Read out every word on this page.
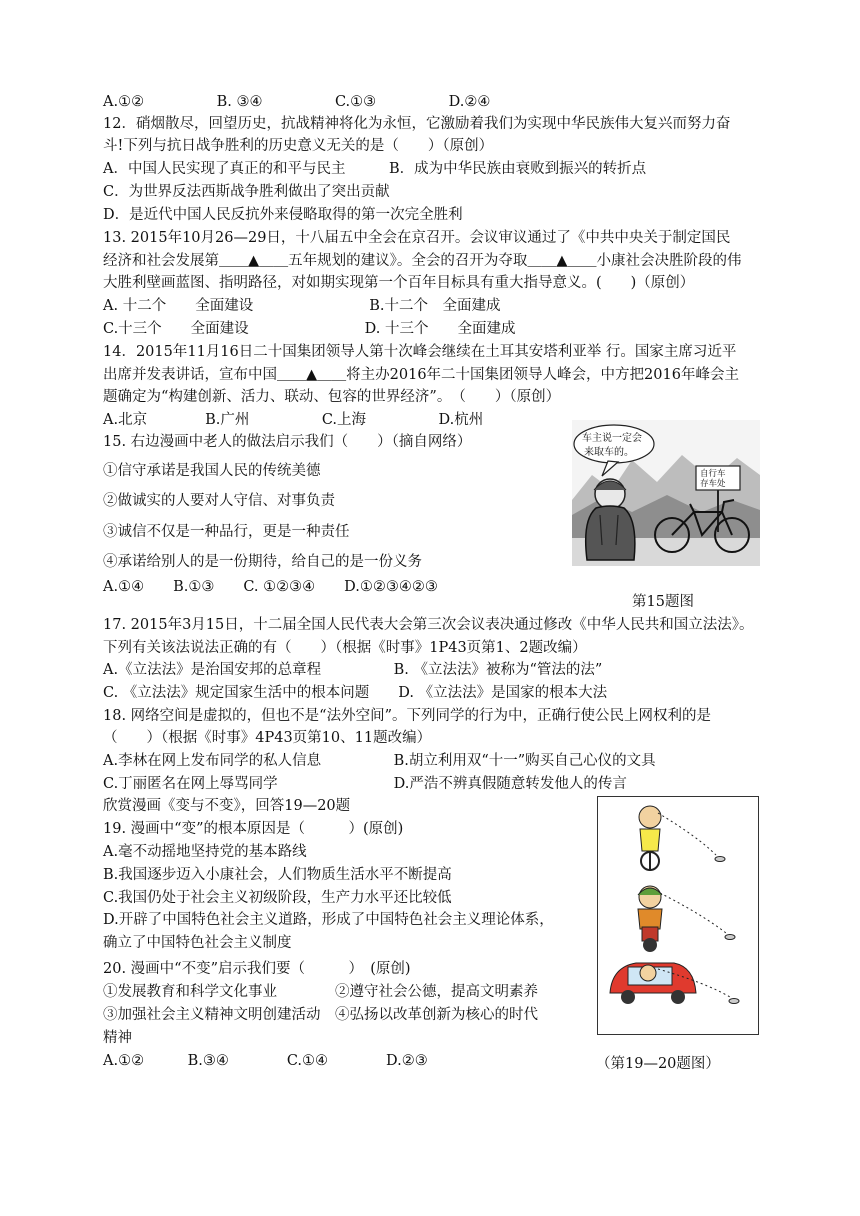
A.①②　　　　　B. ③④　　　　　C.①③　　　　　D.②④
12．硝烟散尽，回望历史，抗战精神将化为永恒，它激励着我们为实现中华民族伟大复兴而努力奋
斗!下列与抗日战争胜利的历史意义无关的是（　　）（原创）
A．中国人民实现了真正的和平与民主　　　B．成为中华民族由衰败到振兴的转折点
C．为世界反法西斯战争胜利做出了突出贡献
D．是近代中国人民反抗外来侵略取得的第一次完全胜利
13. 2015年10月26—29日，十八届五中全会在京召开。会议审议通过了《中共中央关于制定国民
经济和社会发展第＿＿▲＿＿五年规划的建议》。全会的召开为夺取＿＿▲＿＿小康社会决胜阶段的伟
大胜利壁画蓝图、指明路径，对如期实现第一个百年目标具有重大指导意义。(　　)（原创）
A. 十二个　　全面建设　　　　　　　　B.十二个　全面建成
C.十三个　　全面建设　　　　　　　　D. 十三个　　全面建成
14．2015年11月16日二十国集团领导人第十次峰会继续在土耳其安塔利亚举 行。国家主席习近平
出席并发表讲话，宣布中国＿＿▲＿＿将主办2016年二十国集团领导人峰会，中方把2016年峰会主
题确定为“构建创新、活力、联动、包容的世界经济”。　（　　）（原创）
A.北京　　　　B.广州　　　　　C.上海　　　　　D.杭州
15. 右边漫画中老人的做法启示我们（　　）（摘自网络）
①信守承诺是我国人民的传统美德
②做诚实的人要对人守信、对事负责
③诚信不仅是一种品行，更是一种责任
④承诺给别人的是一份期待，给自己的是一份义务
A.①④　　B.①③　　C. ①②③④　　D.①②③④②③
17. 2015年3月15日，十二届全国人民代表大会第三次会议表决通过修改《中华人民共和国立法法》。
下列有关该法说法正确的有（　　）（根据《时事》1P43页第1、2题改编）
A.《立法法》是治国安邦的总章程　　　　　B. 《立法法》被称为“管法的法”
C. 《立法法》规定国家生活中的根本问题　　D. 《立法法》是国家的根本大法
18. 网络空间是虚拟的，但也不是“法外空间”。下列同学的行为中，正确行使公民上网权利的是
（　　）（根据《时事》4P43页第10、11题改编）
A.李林在网上发布同学的私人信息　　　　　B.胡立利用双“十一”购买自己心仪的文具
C.丁丽匿名在网上辱骂同学　　　　　　　　D.严浩不辨真假随意转发他人的传言
欣赏漫画《变与不变》，回答19—20题
19. 漫画中“变”的根本原因是（　　　）(原创)
A.毫不动摇地坚持党的基本路线
B.我国逐步迈入小康社会，人们物质生活水平不断提高
C.我国仍处于社会主义初级阶段，生产力水平还比较低
D.开辟了中国特色社会主义道路，形成了中国特色社会主义理论体系，
确立了中国特色社会主义制度
20. 漫画中“不变”启示我们要（　　　）　(原创)
①发展教育和科学文化事业　　　　②遵守社会公德，提高文明素养
③加强社会主义精神文明创建活动　④弘扬以改革创新为核心的时代
精神
A.①②　　　B.③④　　　　C.①④　　　　D.②③
车主说一定会
来取车的。
自行车
存车处
第15题图
（第19—20题图）
